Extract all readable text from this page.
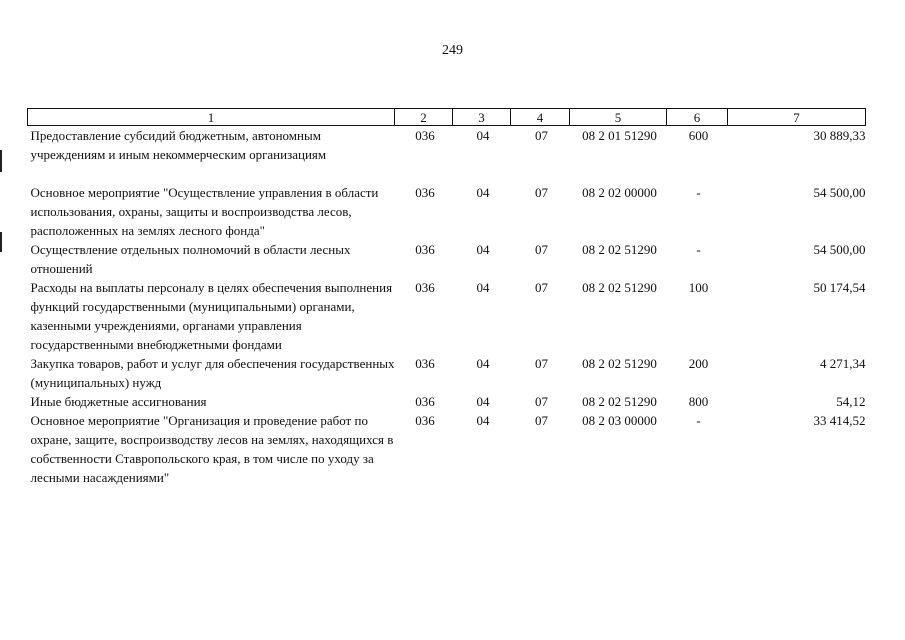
249
1	2	3	4	5	6	7
Предоставление субсидий бюджетным, автономным учреждениям и иным некоммерческим организациям	036	04	07	08 2 01 51290	600	30 889,33
Основное мероприятие "Осуществление управления в области использования, охраны, защиты и воспроизводства лесов, расположенных на землях лесного фонда"	036	04	07	08 2 02 00000	-	54 500,00
Осуществление отдельных полномочий в области лесных отношений	036	04	07	08 2 02 51290	-	54 500,00
Расходы на выплаты персоналу в целях обеспечения выполнения функций государственными (муниципальными) органами, казенными учреждениями, органами управления государственными внебюджетными фондами	036	04	07	08 2 02 51290	100	50 174,54
Закупка товаров, работ и услуг для обеспечения государственных (муниципальных) нужд	036	04	07	08 2 02 51290	200	4 271,34
Иные бюджетные ассигнования	036	04	07	08 2 02 51290	800	54,12
Основное мероприятие "Организация и проведение работ по охране, защите, воспроизводству лесов на землях, находящихся в собственности Ставропольского края, в том числе по уходу за лесными насаждениями"	036	04	07	08 2 03 00000	-	33 414,52
